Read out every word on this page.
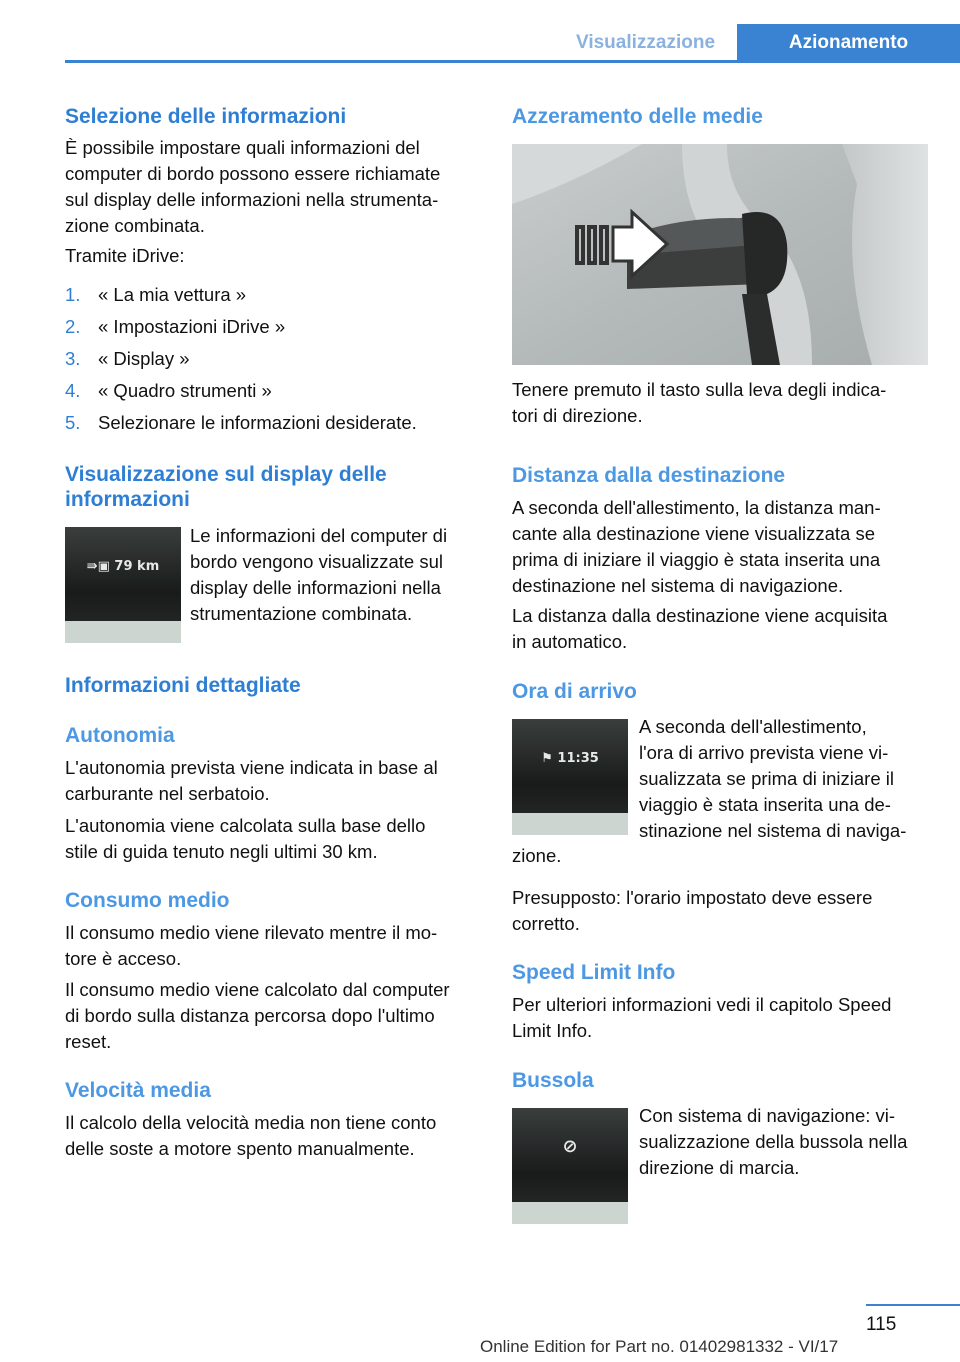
Visualizzazione	Azionamento
Selezione delle informazioni
È possibile impostare quali informazioni del
computer di bordo possono essere richiamate
sul display delle informazioni nella strumenta‐
zione combinata.
Tramite iDrive:
1. « La mia vettura »
2. « Impostazioni iDrive »
3. « Display »
4. « Quadro strumenti »
5. Selezionare le informazioni desiderate.
Visualizzazione sul display delle
informazioni
⇛▣ 79 km
Le informazioni del computer di
bordo vengono visualizzate sul
display delle informazioni nella
strumentazione combinata.
Informazioni dettagliate
Autonomia
L'autonomia prevista viene indicata in base al
carburante nel serbatoio.
L'autonomia viene calcolata sulla base dello
stile di guida tenuto negli ultimi 30 km.
Consumo medio
Il consumo medio viene rilevato mentre il mo‐
tore è acceso.
Il consumo medio viene calcolato dal computer
di bordo sulla distanza percorsa dopo l'ultimo
reset.
Velocità media
Il calcolo della velocità media non tiene conto
delle soste a motore spento manualmente.
Azzeramento delle medie
Tenere premuto il tasto sulla leva degli indica‐
tori di direzione.
Distanza dalla destinazione
A seconda dell'allestimento, la distanza man‐
cante alla destinazione viene visualizzata se
prima di iniziare il viaggio è stata inserita una
destinazione nel sistema di navigazione.
La distanza dalla destinazione viene acquisita
in automatico.
Ora di arrivo
⚑ 11:35
A seconda dell'allestimento,
l'ora di arrivo prevista viene vi‐
sualizzata se prima di iniziare il
viaggio è stata inserita una de‐
stinazione nel sistema di naviga‐
zione.
Presupposto: l'orario impostato deve essere
corretto.
Speed Limit Info
Per ulteriori informazioni vedi il capitolo Speed
Limit Info.
Bussola
⊘
Con sistema di navigazione: vi‐
sualizzazione della bussola nella
direzione di marcia.
115
Online Edition for Part no. 01402981332 - VI/17
